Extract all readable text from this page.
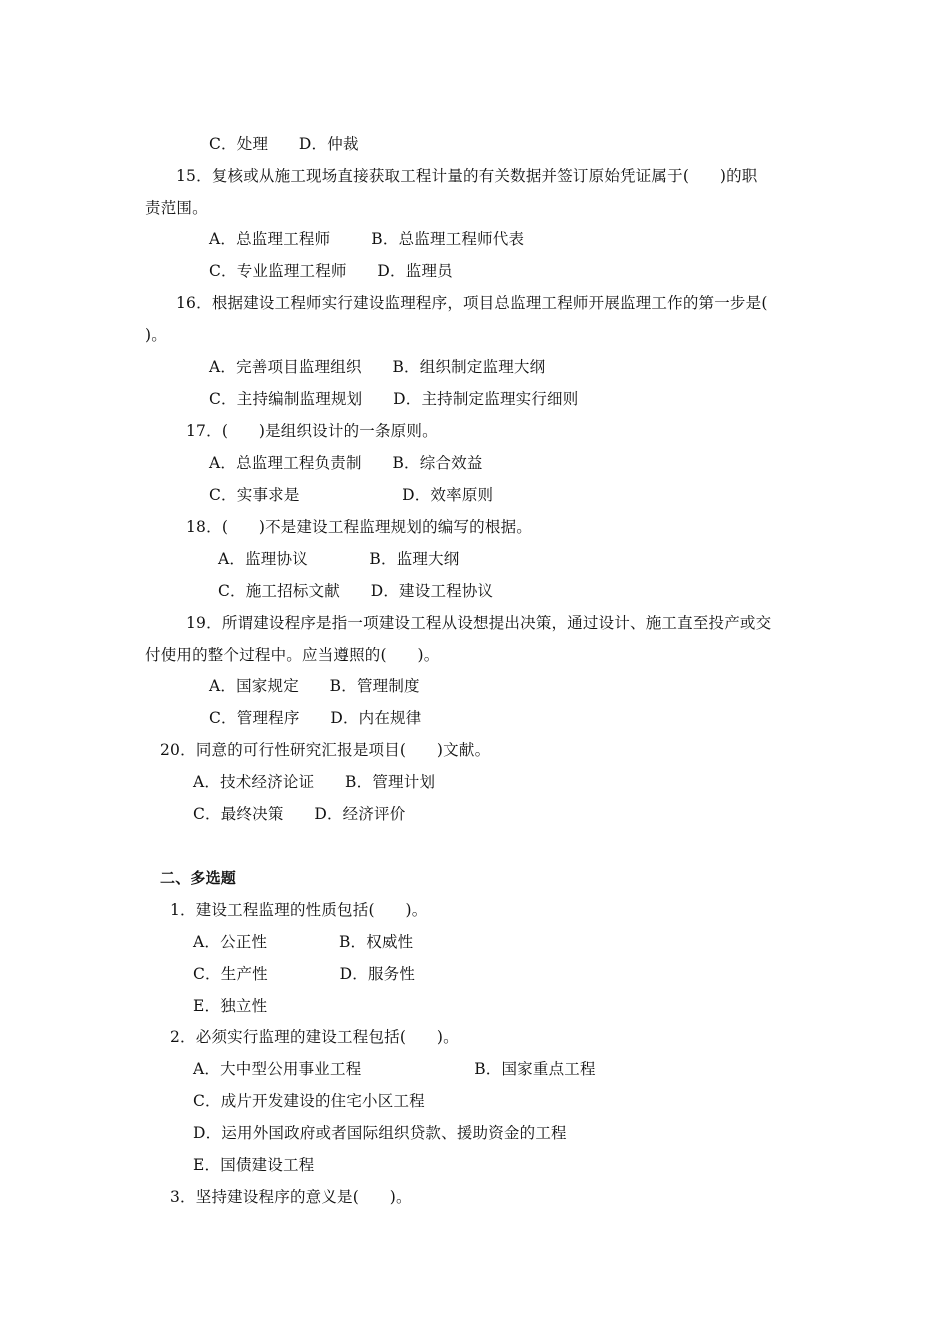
C．处理      D．仲裁
15．复核或从施工现场直接获取工程计量的有关数据并签订原始凭证属于(      )的职
责范围。
A．总监理工程师        B．总监理工程师代表
C．专业监理工程师      D．监理员
16．根据建设工程师实行建设监理程序，项目总监理工程师开展监理工作的第一步是(
)。
A．完善项目监理组织      B．组织制定监理大纲
C．主持编制监理规划      D．主持制定监理实行细则
17．(      )是组织设计的一条原则。
A．总监理工程负责制      B．综合效益
C．实事求是                    D．效率原则
18．(      )不是建设工程监理规划的编写的根据。
A．监理协议            B．监理大纲
C．施工招标文献      D．建设工程协议
19．所谓建设程序是指一项建设工程从设想提出决策，通过设计、施工直至投产或交
付使用的整个过程中。应当遵照的(      )。
A．国家规定      B．管理制度
C．管理程序      D．内在规律
20．同意的可行性研究汇报是项目(      )文献。
A．技术经济论证      B．管理计划
C．最终决策      D．经济评价
二、多选题
1．建设工程监理的性质包括(      )。
A．公正性              B．权威性
C．生产性              D．服务性
E．独立性
2．必须实行监理的建设工程包括(      )。
A．大中型公用事业工程                      B．国家重点工程
C．成片开发建设的住宅小区工程
D．运用外国政府或者国际组织贷款、援助资金的工程
E．国债建设工程
3．坚持建设程序的意义是(      )。
